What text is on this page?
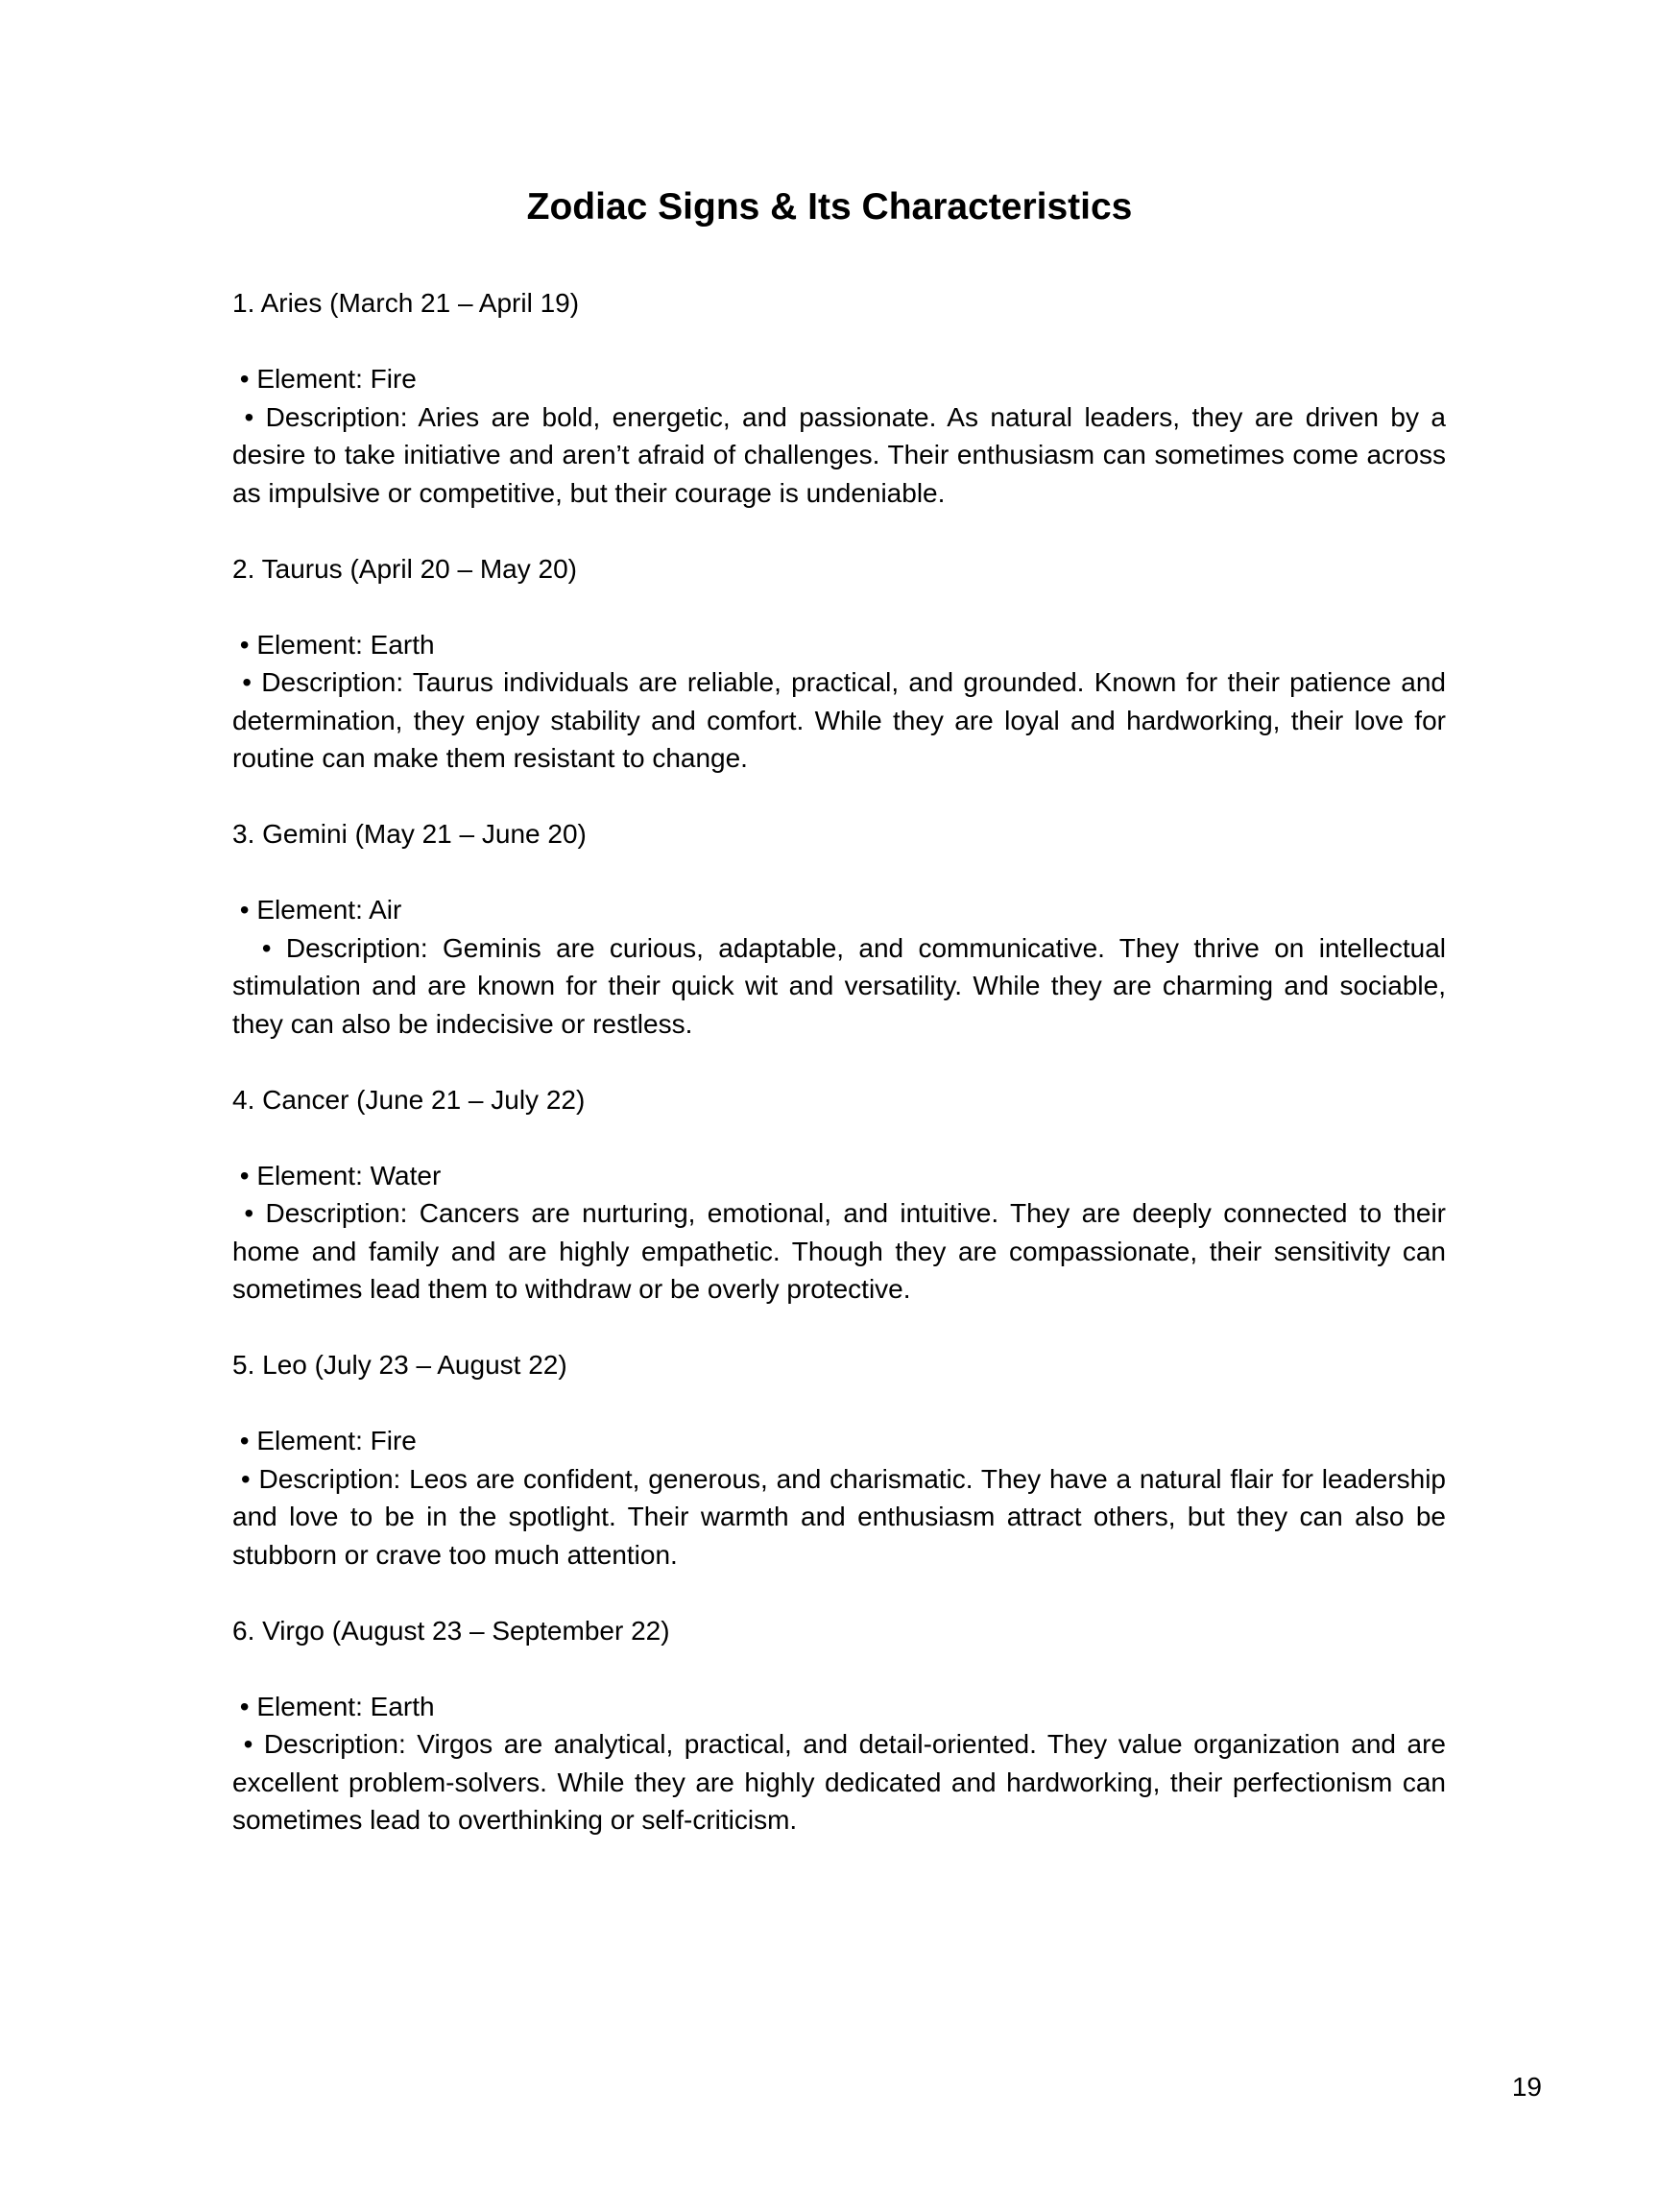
Zodiac Signs & Its Characteristics

1. Aries (March 21 – April 19)

• Element: Fire

• Description: Aries are bold, energetic, and passionate. As natural leaders, they are driven by a desire to take initiative and aren’t afraid of challenges. Their enthusiasm can sometimes come across as impulsive or competitive, but their courage is undeniable.

2. Taurus (April 20 – May 20)

• Element: Earth

• Description: Taurus individuals are reliable, practical, and grounded. Known for their patience and determination, they enjoy stability and comfort. While they are loyal and hardworking, their love for routine can make them resistant to change.

3. Gemini (May 21 – June 20)

• Element: Air

• Description: Geminis are curious, adaptable, and communicative. They thrive on intellectual stimulation and are known for their quick wit and versatility. While they are charming and sociable, they can also be indecisive or restless.

4. Cancer (June 21 – July 22)

• Element: Water

• Description: Cancers are nurturing, emotional, and intuitive. They are deeply connected to their home and family and are highly empathetic. Though they are compassionate, their sensitivity can sometimes lead them to withdraw or be overly protective.

5. Leo (July 23 – August 22)

• Element: Fire

• Description: Leos are confident, generous, and charismatic. They have a natural flair for leadership and love to be in the spotlight. Their warmth and enthusiasm attract others, but they can also be stubborn or crave too much attention.

6. Virgo (August 23 – September 22)

• Element: Earth

• Description: Virgos are analytical, practical, and detail-oriented. They value organization and are excellent problem-solvers. While they are highly dedicated and hardworking, their perfectionism can sometimes lead to overthinking or self-criticism.

19
